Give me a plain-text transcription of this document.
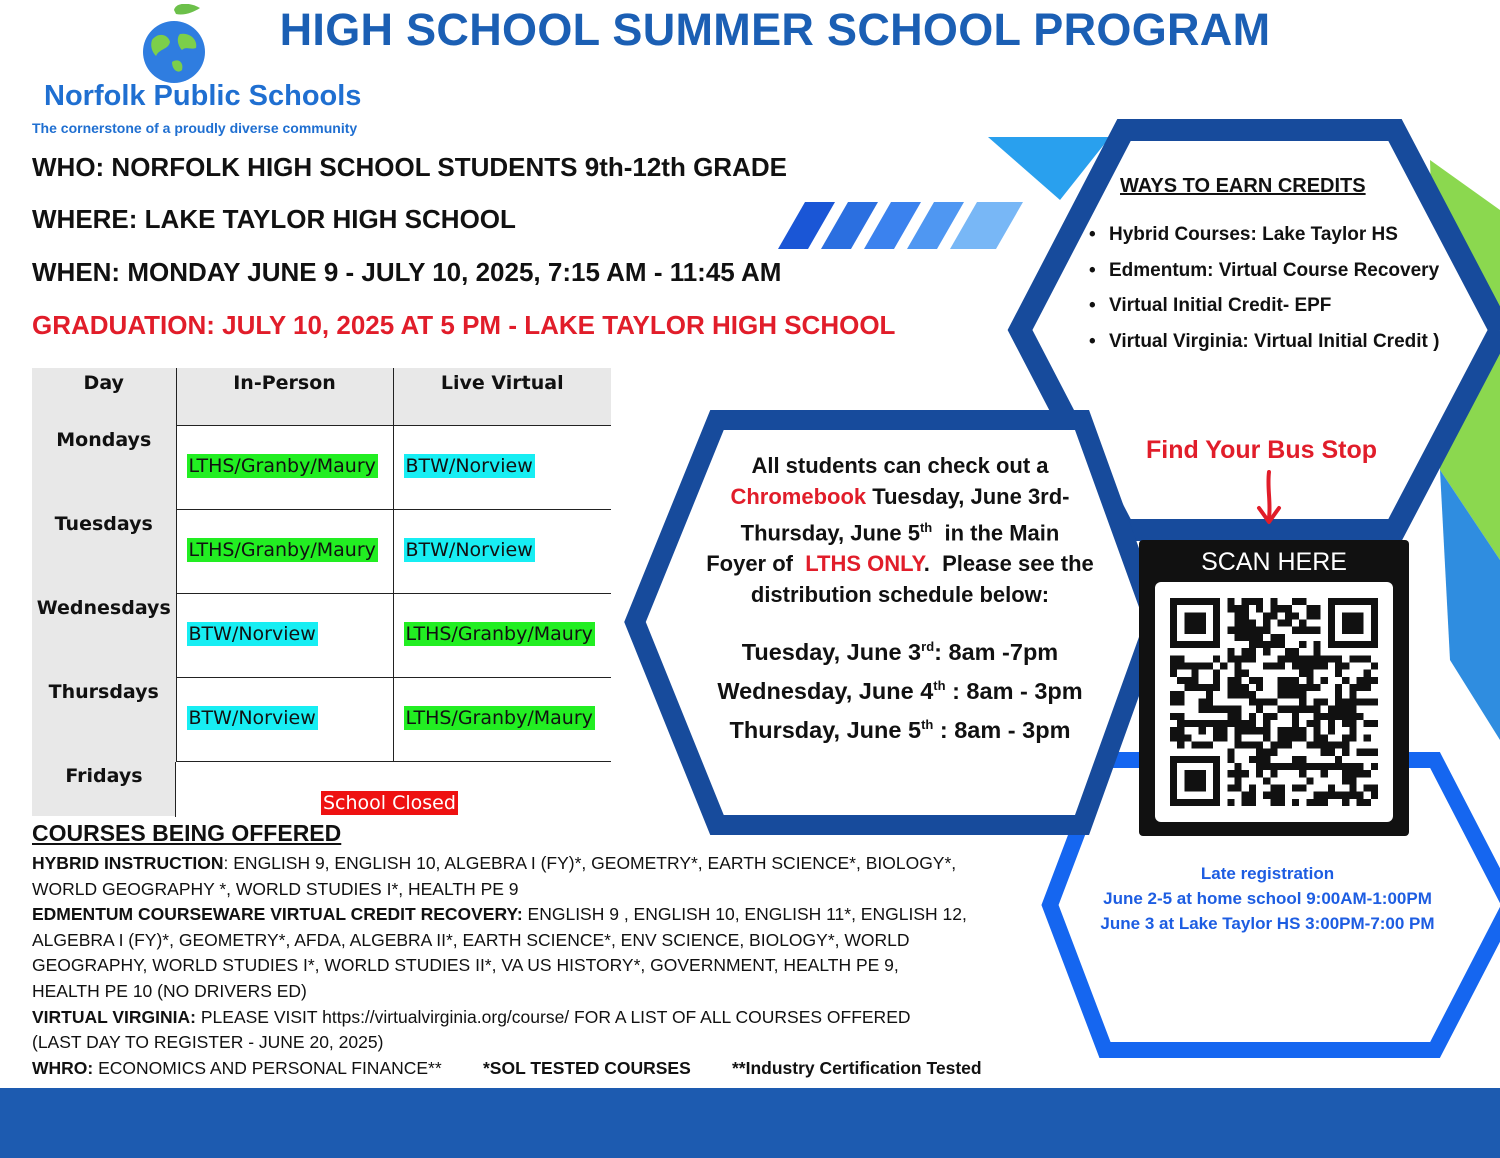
HIGH SCHOOL SUMMER SCHOOL PROGRAM
Norfolk Public Schools
The cornerstone of a proudly diverse community
WHO: NORFOLK HIGH SCHOOL STUDENTS 9th-12th GRADE
WHERE: LAKE TAYLOR HIGH SCHOOL
WHEN: MONDAY JUNE 9 - JULY 10, 2025, 7:15 AM - 11:45 AM
GRADUATION: JULY 10, 2025 AT 5 PM - LAKE TAYLOR HIGH SCHOOL
Day	In-Person	Live Virtual
Mondays	LTHS/Granby/Maury	BTW/Norview
Tuesdays	LTHS/Granby/Maury	BTW/Norview
Wednesdays	BTW/Norview	LTHS/Granby/Maury
Thursdays	BTW/Norview	LTHS/Granby/Maury
Fridays		
School Closed
COURSES BEING OFFERED
HYBRID INSTRUCTION: ENGLISH 9, ENGLISH 10, ALGEBRA I (FY)*, GEOMETRY*, EARTH SCIENCE*, BIOLOGY*,
WORLD GEOGRAPHY *, WORLD STUDIES I*, HEALTH PE 9
EDMENTUM COURSEWARE VIRTUAL CREDIT RECOVERY: ENGLISH 9 , ENGLISH 10, ENGLISH 11*, ENGLISH 12,
ALGEBRA I (FY)*, GEOMETRY*, AFDA, ALGEBRA II*, EARTH SCIENCE*, ENV SCIENCE, BIOLOGY*, WORLD
GEOGRAPHY, WORLD STUDIES I*, WORLD STUDIES II*, VA US HISTORY*, GOVERNMENT, HEALTH PE 9,
HEALTH PE 10 (NO DRIVERS ED)
VIRTUAL VIRGINIA: PLEASE VISIT https://virtualvirginia.org/course/ FOR A LIST OF ALL COURSES OFFERED
(LAST DAY TO REGISTER - JUNE 20, 2025)
WHRO: ECONOMICS AND PERSONAL FINANCE** *SOL TESTED COURSES **Industry Certification Tested
All students can check out a
Chromebook Tuesday, June 3rd-
Thursday, June 5th  in the Main
Foyer of  LTHS ONLY.  Please see the
distribution schedule below:
Tuesday, June 3rd: 8am -7pm
Wednesday, June 4th : 8am - 3pm
Thursday, June 5th : 8am - 3pm
WAYS TO EARN CREDITS
• Hybrid Courses: Lake Taylor HS
• Edmentum: Virtual Course Recovery
• Virtual Initial Credit- EPF
• Virtual Virginia: Virtual Initial Credit )
Find Your Bus Stop
SCAN HERE
Late registration
June 2-5 at home school 9:00AM-1:00PM
June 3 at Lake Taylor HS 3:00PM-7:00 PM
